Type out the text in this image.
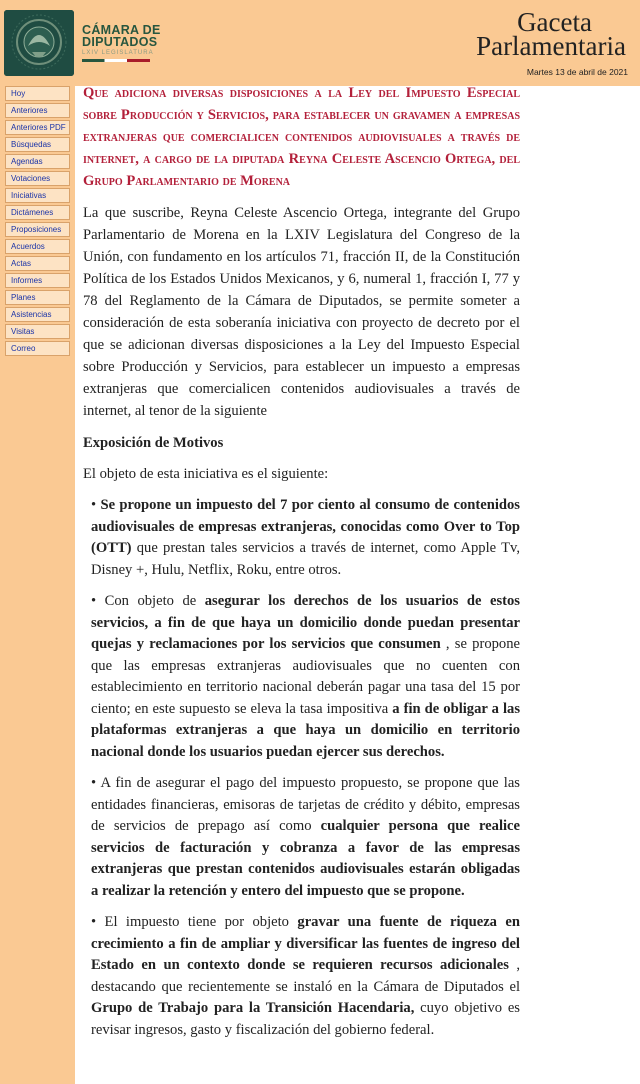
CÁMARA DE
DIPUTADOS
LXIV LEGISLATURA
Gaceta
Parlamentaria
Martes 13 de abril de 2021
Hoy
Anteriores
Anteriores PDF
Búsquedas
Agendas
Votaciones
Iniciativas
Dictámenes
Proposiciones
Acuerdos
Actas
Informes
Planes
Asistencias
Visitas
Correo
Que adiciona diversas disposiciones a la Ley del Impuesto Especial sobre Producción y Servicios, para establecer un gravamen a empresas extranjeras que comercialicen contenidos audiovisuales a través de internet, a cargo de la diputada Reyna Celeste Ascencio Ortega, del Grupo Parlamentario de Morena

La que suscribe, Reyna Celeste Ascencio Ortega, integrante del Grupo Parlamentario de Morena en la LXIV Legislatura del Congreso de la Unión, con fundamento en los artículos 71, fracción II, de la Constitución Política de los Estados Unidos Mexicanos, y 6, numeral 1, fracción I, 77 y 78 del Reglamento de la Cámara de Diputados, se permite someter a consideración de esta soberanía iniciativa con proyecto de decreto por el que se adicionan diversas disposiciones a la Ley del Impuesto Especial sobre Producción y Servicios, para establecer un impuesto a empresas extranjeras que comercialicen contenidos audiovisuales a través de internet, al tenor de la siguiente

Exposición de Motivos

El objeto de esta iniciativa es el siguiente:

• Se propone un impuesto del 7 por ciento al consumo de contenidos audiovisuales de empresas extranjeras, conocidas como Over to Top (OTT) que prestan tales servicios a través de internet, como Apple Tv, Disney +, Hulu, Netflix, Roku, entre otros.

• Con objeto de asegurar los derechos de los usuarios de estos servicios, a fin de que haya un domicilio donde puedan presentar quejas y reclamaciones por los servicios que consumen , se propone que las empresas extranjeras audiovisuales que no cuenten con establecimiento en territorio nacional deberán pagar una tasa del 15 por ciento; en este supuesto se eleva la tasa impositiva a fin de obligar a las plataformas extranjeras a que haya un domicilio en territorio nacional donde los usuarios puedan ejercer sus derechos.

• A fin de asegurar el pago del impuesto propuesto, se propone que las entidades financieras, emisoras de tarjetas de crédito y débito, empresas de servicios de prepago así como cualquier persona que realice servicios de facturación y cobranza a favor de las empresas extranjeras que prestan contenidos audiovisuales estarán obligadas a realizar la retención y entero del impuesto que se propone.

• El impuesto tiene por objeto gravar una fuente de riqueza en crecimiento a fin de ampliar y diversificar las fuentes de ingreso del Estado en un contexto donde se requieren recursos adicionales , destacando que recientemente se instaló en la Cámara de Diputados el Grupo de Trabajo para la Transición Hacendaria, cuyo objetivo es revisar ingresos, gasto y fiscalización del gobierno federal.
